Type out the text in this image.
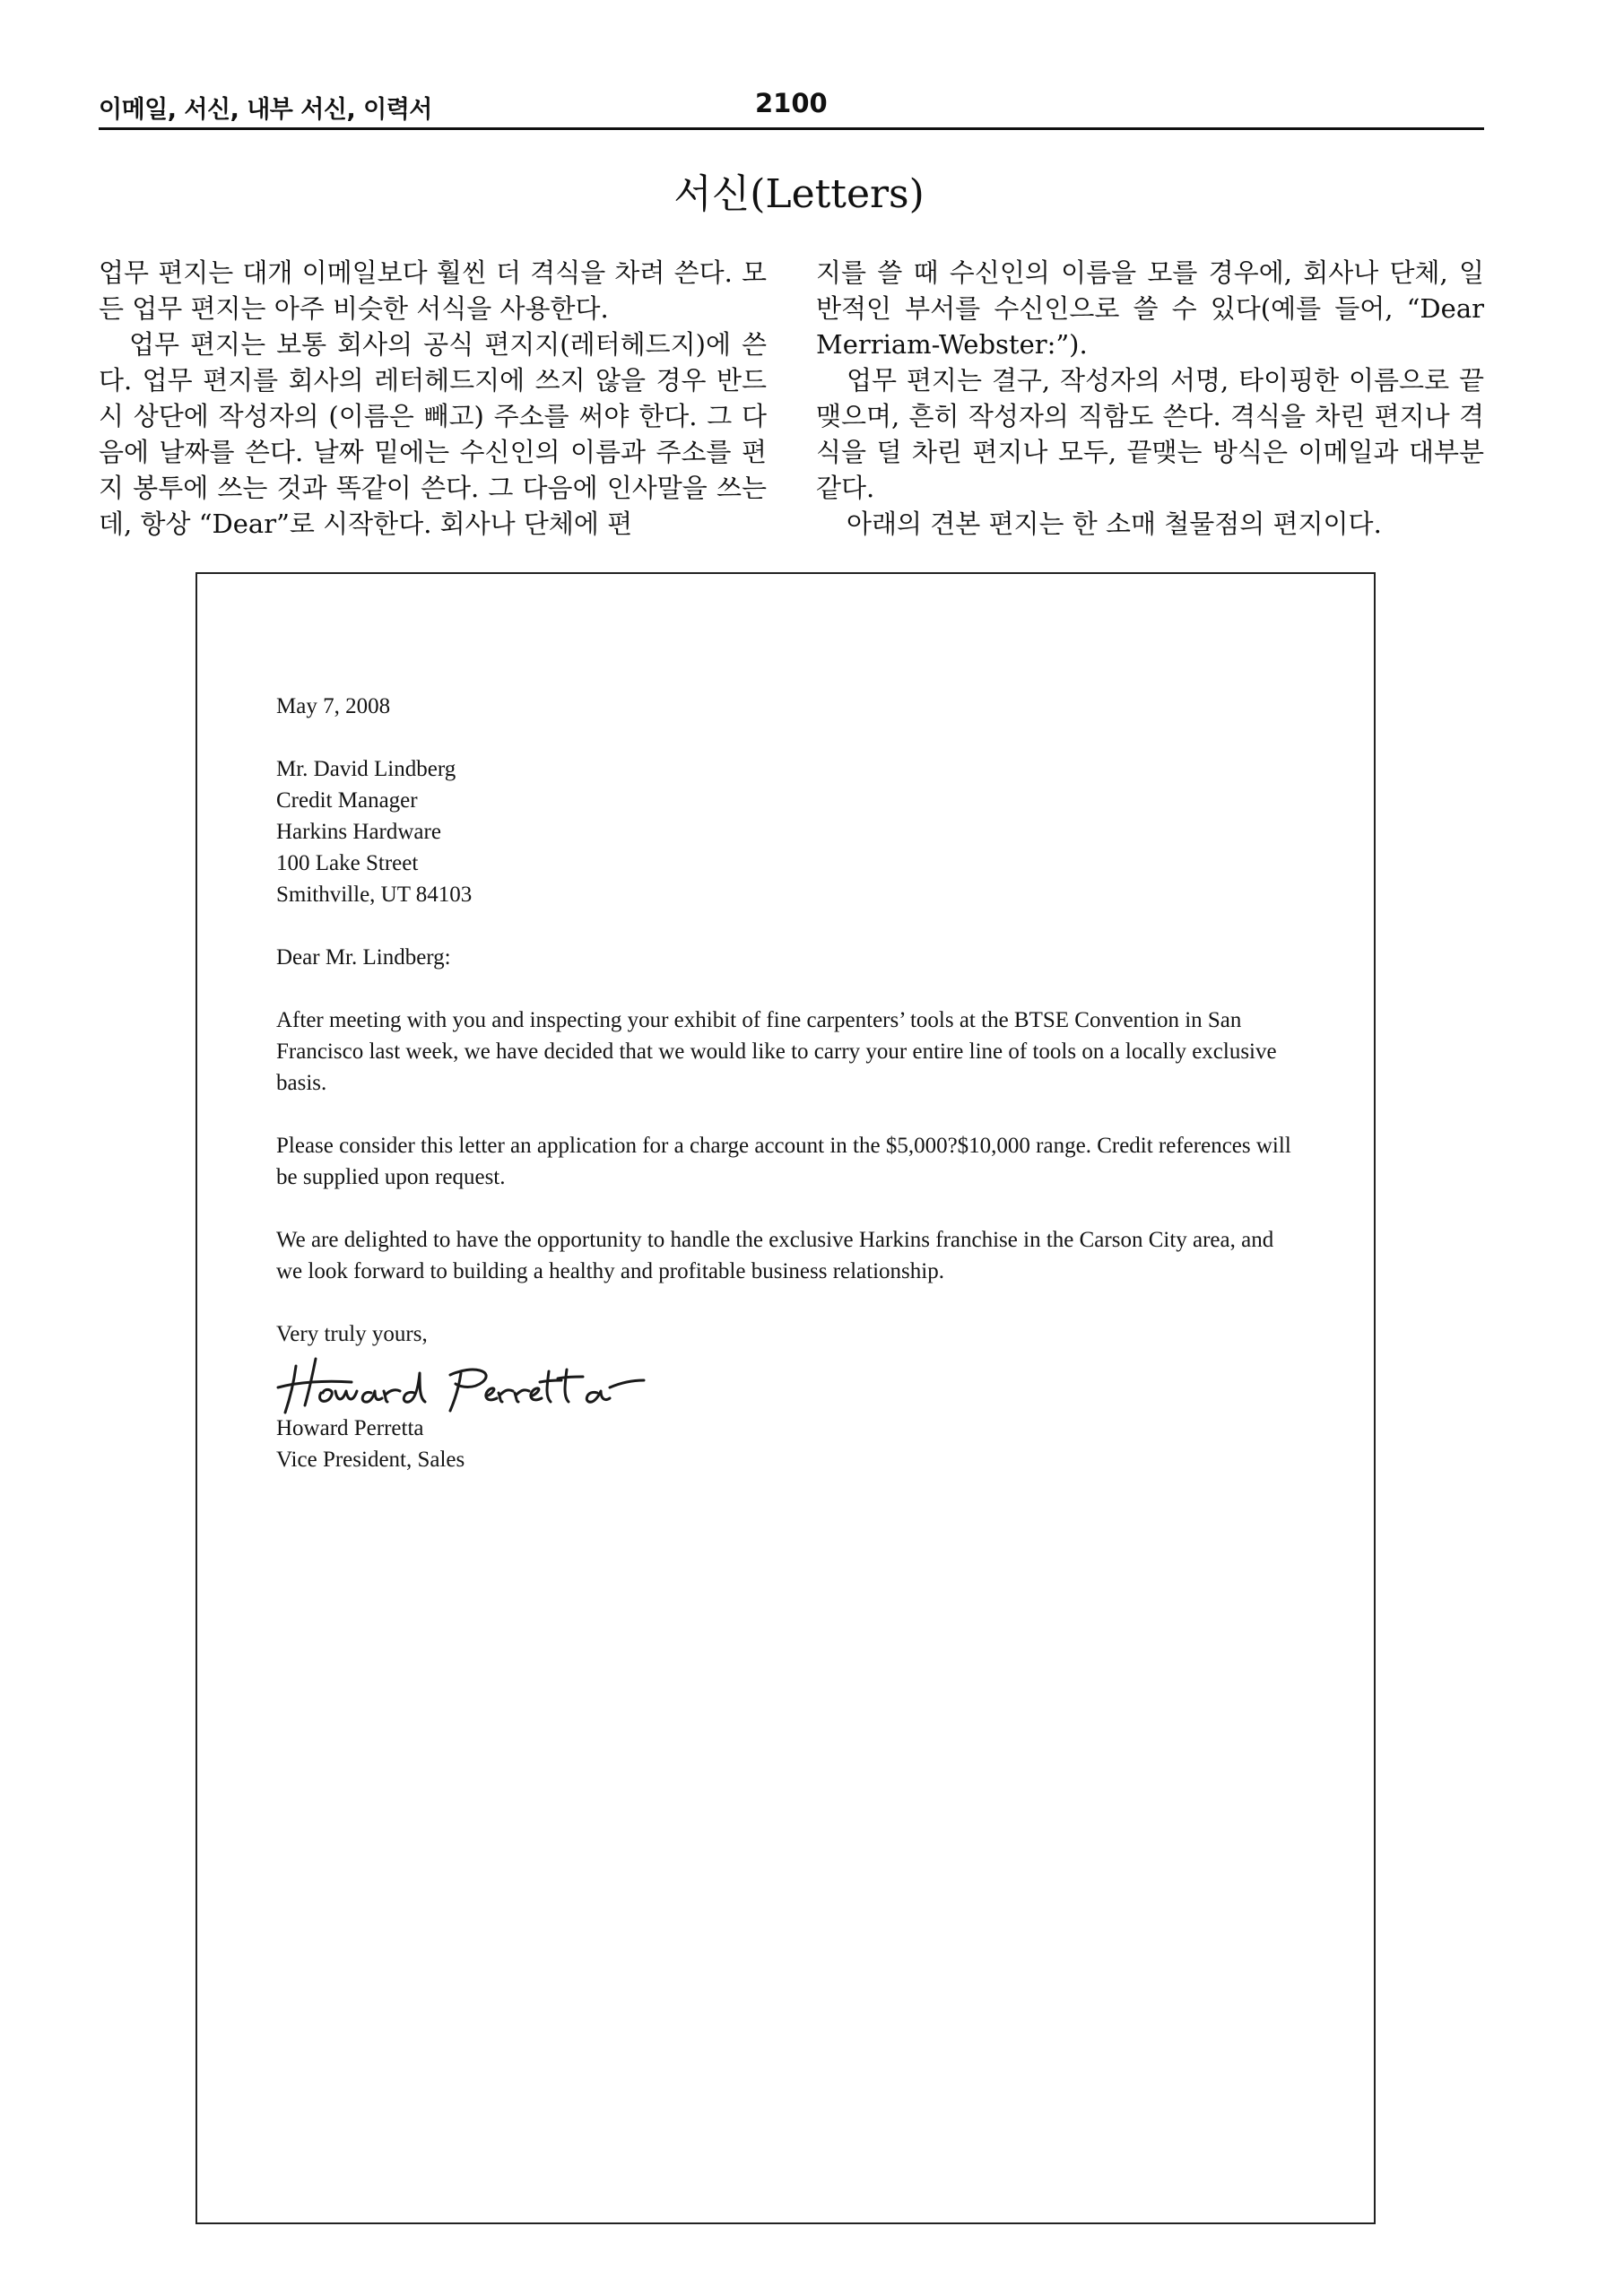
이메일, 서신, 내부 서신, 이력서	2100
서신(Letters)

업무 편지는 대개 이메일보다 훨씬 더 격식을 차려 쓴다. 모든 업무 편지는 아주 비슷한 서식을 사용한다.

업무 편지는 보통 회사의 공식 편지지(레터헤드지)에 쓴다. 업무 편지를 회사의 레터헤드지에 쓰지 않을 경우 반드시 상단에 작성자의 (이름은 빼고) 주소를 써야 한다. 그 다음에 날짜를 쓴다. 날짜 밑에는 수신인의 이름과 주소를 편지 봉투에 쓰는 것과 똑같이 쓴다. 그 다음에 인사말을 쓰는데, 항상 “Dear”로 시작한다. 회사나 단체에 편

지를 쓸 때 수신인의 이름을 모를 경우에, 회사나 단체, 일반적인 부서를 수신인으로 쓸 수 있다(예를 들어, “Dear Merriam-Webster:”).

업무 편지는 결구, 작성자의 서명, 타이핑한 이름으로 끝맺으며, 흔히 작성자의 직함도 쓴다. 격식을 차린 편지나 격식을 덜 차린 편지나 모두, 끝맺는 방식은 이메일과 대부분 같다.

아래의 견본 편지는 한 소매 철물점의 편지이다.

May 7, 2008

Mr. David Lindberg
Credit Manager
Harkins Hardware
100 Lake Street
Smithville, UT 84103

Dear Mr. Lindberg:

After meeting with you and inspecting your exhibit of fine carpenters’ tools at the BTSE Convention in San Francisco last week, we have decided that we would like to carry your entire line of tools on a locally exclusive basis.

Please consider this letter an application for a charge account in the $5,000?$10,000 range. Credit references will be supplied upon request.

We are delighted to have the opportunity to handle the exclusive Harkins franchise in the Carson City area, and we look forward to building a healthy and profitable business relationship.

Very truly yours,
Howard Perretta
Vice President, Sales
